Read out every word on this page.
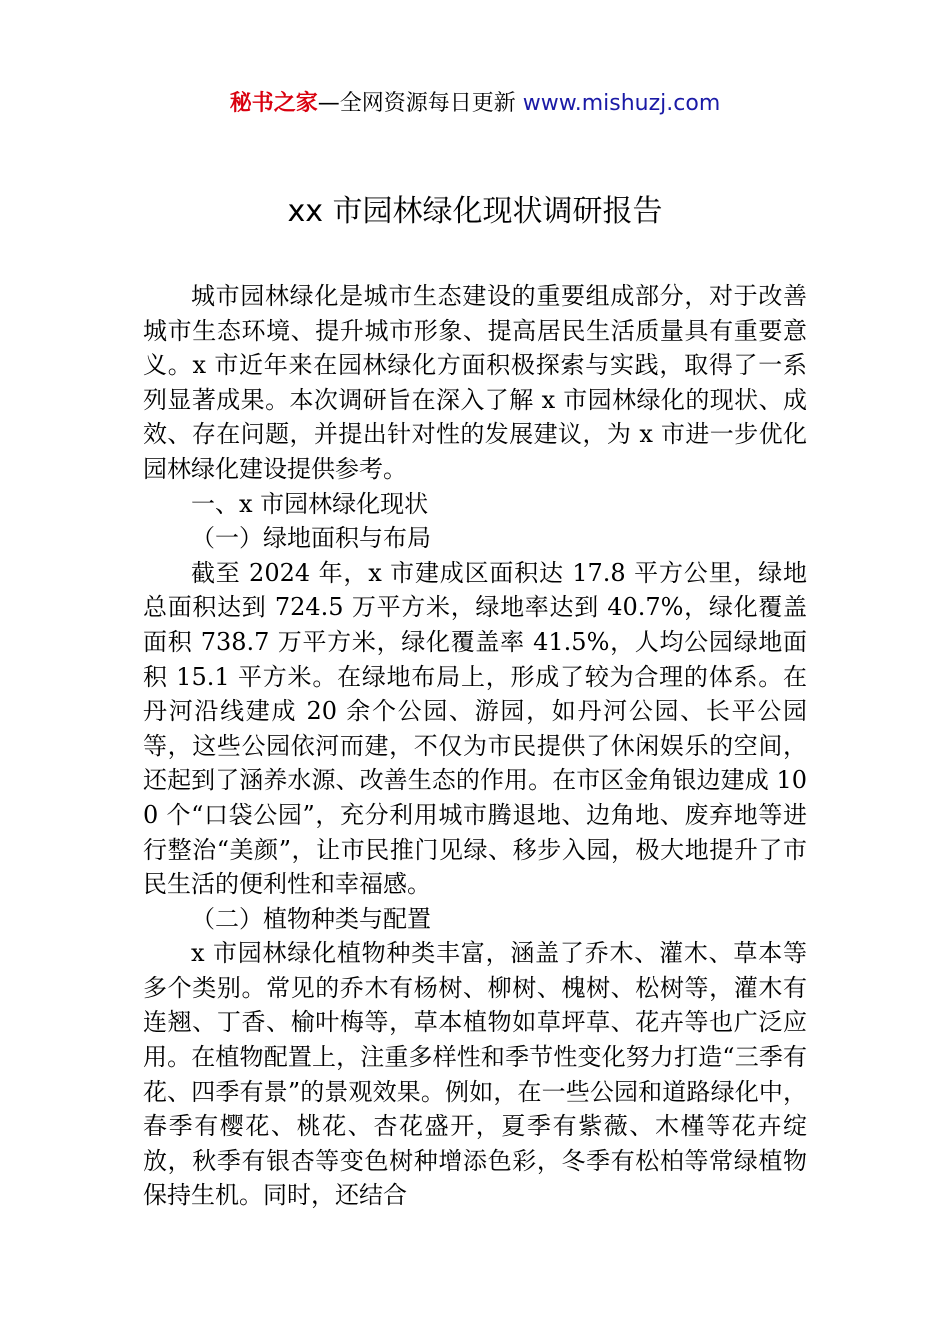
秘书之家—全网资源每日更新 www.mishuzj.com
xx 市园林绿化现状调研报告

城市园林绿化是城市生态建设的重要组成部分，对于改善城市生态环境、提升城市形象、提高居民生活质量具有重要意义。x 市近年来在园林绿化方面积极探索与实践，取得了一系列显著成果。本次调研旨在深入了解 x 市园林绿化的现状、成效、存在问题，并提出针对性的发展建议，为 x 市进一步优化园林绿化建设提供参考。

一、x 市园林绿化现状

（一）绿地面积与布局

截至 2024 年，x 市建成区面积达 17.8 平方公里，绿地总面积达到 724.5 万平方米，绿地率达到 40.7%，绿化覆盖面积 738.7 万平方米，绿化覆盖率 41.5%，人均公园绿地面积 15.1 平方米。在绿地布局上，形成了较为合理的体系。在丹河沿线建成 20 余个公园、游园，如丹河公园、长平公园等，这些公园依河而建，不仅为市民提供了休闲娱乐的空间，还起到了涵养水源、改善生态的作用。在市区金角银边建成 100 个“口袋公园”，充分利用城市腾退地、边角地、废弃地等进行整治“美颜”，让市民推门见绿、移步入园，极大地提升了市民生活的便利性和幸福感。

（二）植物种类与配置

x 市园林绿化植物种类丰富，涵盖了乔木、灌木、草本等多个类别。常见的乔木有杨树、柳树、槐树、松树等，灌木有连翘、丁香、榆叶梅等，草本植物如草坪草、花卉等也广泛应用。在植物配置上，注重多样性和季节性变化努力打造“三季有花、四季有景”的景观效果。例如，在一些公园和道路绿化中，春季有樱花、桃花、杏花盛开，夏季有紫薇、木槿等花卉绽放，秋季有银杏等变色树种增添色彩，冬季有松柏等常绿植物保持生机。同时，还结合
